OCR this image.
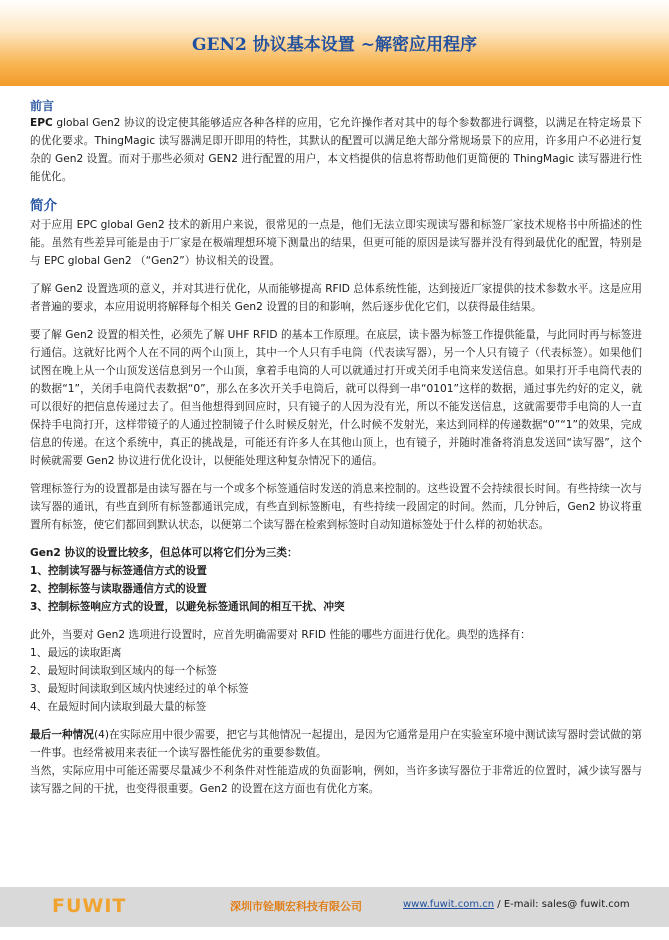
GEN2 协议基本设置 ~解密应用程序
前言

EPC global Gen2 协议的设定使其能够适应各种各样的应用，它允许操作者对其中的每个参数都进行调整，以满足在特定场景下的优化要求。ThingMagic 读写器满足即开即用的特性，其默认的配置可以满足绝大部分常规场景下的应用，许多用户不必进行复杂的 Gen2 设置。而对于那些必须对 GEN2 进行配置的用户，本文档提供的信息将帮助他们更简便的 ThingMagic 读写器进行性能优化。

简介

对于应用 EPC global Gen2 技术的新用户来说，很常见的一点是，他们无法立即实现读写器和标签厂家技术规格书中所描述的性能。虽然有些差异可能是由于厂家是在极端理想环境下测量出的结果，但更可能的原因是读写器并没有得到最优化的配置，特别是与 EPC global Gen2 （“Gen2”）协议相关的设置。

了解 Gen2 设置选项的意义，并对其进行优化，从而能够提高 RFID 总体系统性能，达到接近厂家提供的技术参数水平。这是应用者普遍的要求，本应用说明将解释每个相关 Gen2 设置的目的和影响，然后逐步优化它们，以获得最佳结果。

要了解 Gen2 设置的相关性，必须先了解 UHF RFID 的基本工作原理。在底层，读卡器为标签工作提供能量，与此同时再与标签进行通信。这就好比两个人在不同的两个山顶上，其中一个人只有手电筒（代表读写器），另一个人只有镜子（代表标签）。如果他们试图在晚上从一个山顶发送信息到另一个山顶，拿着手电筒的人可以就通过打开或关闭手电筒来发送信息。如果打开手电筒代表的的数据“1”，关闭手电筒代表数据“0”，那么在多次开关手电筒后，就可以得到一串“0101”这样的数据，通过事先约好的定义，就可以很好的把信息传递过去了。但当他想得到回应时，只有镜子的人因为没有光，所以不能发送信息，这就需要带手电筒的人一直保持手电筒打开，这样带镜子的人通过控制镜子什么时候反射光，什么时候不发射光，来达到同样的传递数据“0”“1”的效果，完成信息的传递。在这个系统中，真正的挑战是，可能还有许多人在其他山顶上，也有镜子，并随时准备将消息发送回“读写器”，这个时候就需要 Gen2 协议进行优化设计，以便能处理这种复杂情况下的通信。

管理标签行为的设置都是由读写器在与一个或多个标签通信时发送的消息来控制的。这些设置不会持续很长时间。有些持续一次与读写器的通讯，有些直到所有标签都通讯完成，有些直到标签断电，有些持续一段固定的时间。然而，几分钟后，Gen2 协议将重置所有标签，使它们都回到默认状态，以便第二个读写器在检索到标签时自动知道标签处于什么样的初始状态。

Gen2 协议的设置比较多，但总体可以将它们分为三类：

1、控制读写器与标签通信方式的设置

2、控制标签与读取器通信方式的设置

3、控制标签响应方式的设置，以避免标签通讯间的相互干扰、冲突

此外，当要对 Gen2 选项进行设置时，应首先明确需要对 RFID 性能的哪些方面进行优化。典型的选择有：

1、最远的读取距离

2、最短时间读取到区域内的每一个标签

3、最短时间读取到区域内快速经过的单个标签

4、在最短时间内读取到最大量的标签

最后一种情况(4)在实际应用中很少需要，把它与其他情况一起提出，是因为它通常是用户在实验室环境中测试读写器时尝试做的第一件事。也经常被用来表征一个读写器性能优劣的重要参数值。

当然，实际应用中可能还需要尽量减少不利条件对性能造成的负面影响，例如，当许多读写器位于非常近的位置时，减少读写器与读写器之间的干扰，也变得很重要。Gen2 的设置在这方面也有优化方案。

FUWIT	深圳市铨顺宏科技有限公司	www.fuwit.com.cn / E-mail: sales@ fuwit.com
